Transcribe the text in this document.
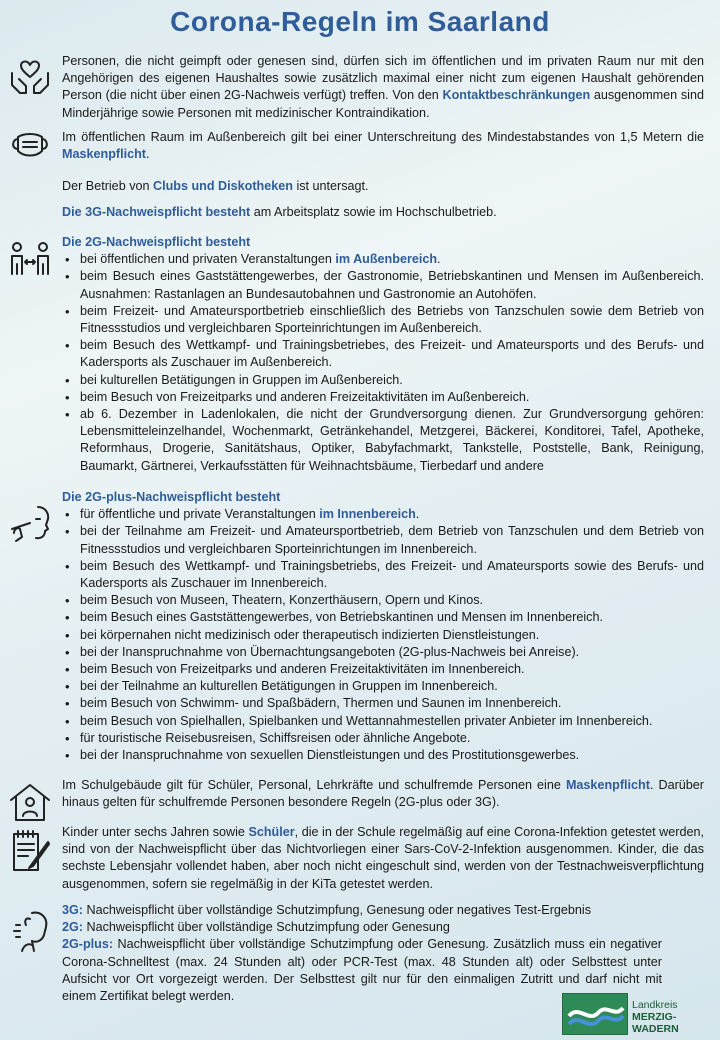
Corona-Regeln im Saarland
Personen, die nicht geimpft oder genesen sind, dürfen sich im öffentlichen und im privaten Raum nur mit den Angehörigen des eigenen Haushaltes sowie zusätzlich maximal einer nicht zum eigenen Haushalt gehörenden Person (die nicht über einen 2G-Nachweis verfügt) treffen. Von den Kontaktbeschränkungen ausgenommen sind Minderjährige sowie Personen mit medizinischer Kontraindikation.
Im öffentlichen Raum im Außenbereich gilt bei einer Unterschreitung des Mindestabstandes von 1,5 Metern die Maskenpflicht.
Der Betrieb von Clubs und Diskotheken ist untersagt.
Die 3G-Nachweispflicht besteht am Arbeitsplatz sowie im Hochschulbetrieb.
Die 2G-Nachweispflicht besteht
• bei öffentlichen und privaten Veranstaltungen im Außenbereich.
• beim Besuch eines Gaststättengewerbes, der Gastronomie, Betriebskantinen und Mensen im Außenbereich. Ausnahmen: Rastanlagen an Bundesautobahnen und Gastronomie an Autohöfen.
• beim Freizeit- und Amateursportbetrieb einschließlich des Betriebs von Tanzschulen sowie dem Betrieb von Fitnessstudios und vergleichbaren Sporteinrichtungen im Außenbereich.
• beim Besuch des Wettkampf- und Trainingsbetriebes, des Freizeit- und Amateursports und des Berufs- und Kadersports als Zuschauer im Außenbereich.
• bei kulturellen Betätigungen in Gruppen im Außenbereich.
• beim Besuch von Freizeitparks und anderen Freizeitaktivitäten im Außenbereich.
• ab 6. Dezember in Ladenlokalen, die nicht der Grundversorgung dienen. Zur Grundversorgung gehören: Lebensmitteleinzelhandel, Wochenmarkt, Getränkehandel, Metzgerei, Bäckerei, Konditorei, Tafel, Apotheke, Reformhaus, Drogerie, Sanitätshaus, Optiker, Babyfachmarkt, Tankstelle, Poststelle, Bank, Reinigung, Baumarkt, Gärtnerei, Verkaufsstätten für Weihnachtsbäume, Tierbedarf und andere
Die 2G-plus-Nachweispflicht besteht
• für öffentliche und private Veranstaltungen im Innenbereich.
• bei der Teilnahme am Freizeit- und Amateursportbetrieb, dem Betrieb von Tanzschulen und dem Betrieb von Fitnessstudios und vergleichbaren Sporteinrichtungen im Innenbereich.
• beim Besuch des Wettkampf- und Trainingsbetriebs, des Freizeit- und Amateursports sowie des Berufs- und Kadersports als Zuschauer im Innenbereich.
• beim Besuch von Museen, Theatern, Konzerthäusern, Opern und Kinos.
• beim Besuch eines Gaststättengewerbes, von Betriebskantinen und Mensen im Innenbereich.
• bei körpernahen nicht medizinisch oder therapeutisch indizierten Dienstleistungen.
• bei der Inanspruchnahme von Übernachtungsangeboten (2G-plus-Nachweis bei Anreise).
• beim Besuch von Freizeitparks und anderen Freizeitaktivitäten im Innenbereich.
• bei der Teilnahme an kulturellen Betätigungen in Gruppen im Innenbereich.
• beim Besuch von Schwimm- und Spaßbädern, Thermen und Saunen im Innenbereich.
• beim Besuch von Spielhallen, Spielbanken und Wettannahmestellen privater Anbieter im Innenbereich.
• für touristische Reisebusreisen, Schiffsreisen oder ähnliche Angebote.
• bei der Inanspruchnahme von sexuellen Dienstleistungen und des Prostitutionsgewerbes.
Im Schulgebäude gilt für Schüler, Personal, Lehrkräfte und schulfremde Personen eine Maskenpflicht. Darüber hinaus gelten für schulfremde Personen besondere Regeln (2G-plus oder 3G).
Kinder unter sechs Jahren sowie Schüler, die in der Schule regelmäßig auf eine Corona-Infektion getestet werden, sind von der Nachweispflicht über das Nichtvorliegen einer Sars-CoV-2-Infektion ausgenommen. Kinder, die das sechste Lebensjahr vollendet haben, aber noch nicht eingeschult sind, werden von der Testnachweisverpflichtung ausgenommen, sofern sie regelmäßig in der KiTa getestet werden.
3G: Nachweispflicht über vollständige Schutzimpfung, Genesung oder negatives Test-Ergebnis
2G: Nachweispflicht über vollständige Schutzimpfung oder Genesung
2G-plus: Nachweispflicht über vollständige Schutzimpfung oder Genesung. Zusätzlich muss ein negativer Corona-Schnelltest (max. 24 Stunden alt) oder PCR-Test (max. 48 Stunden alt) oder Selbsttest unter Aufsicht vor Ort vorgezeigt werden. Der Selbsttest gilt nur für den einmaligen Zutritt und darf nicht mit einem Zertifikat belegt werden.
Landkreis
MERZIG-WADERN
